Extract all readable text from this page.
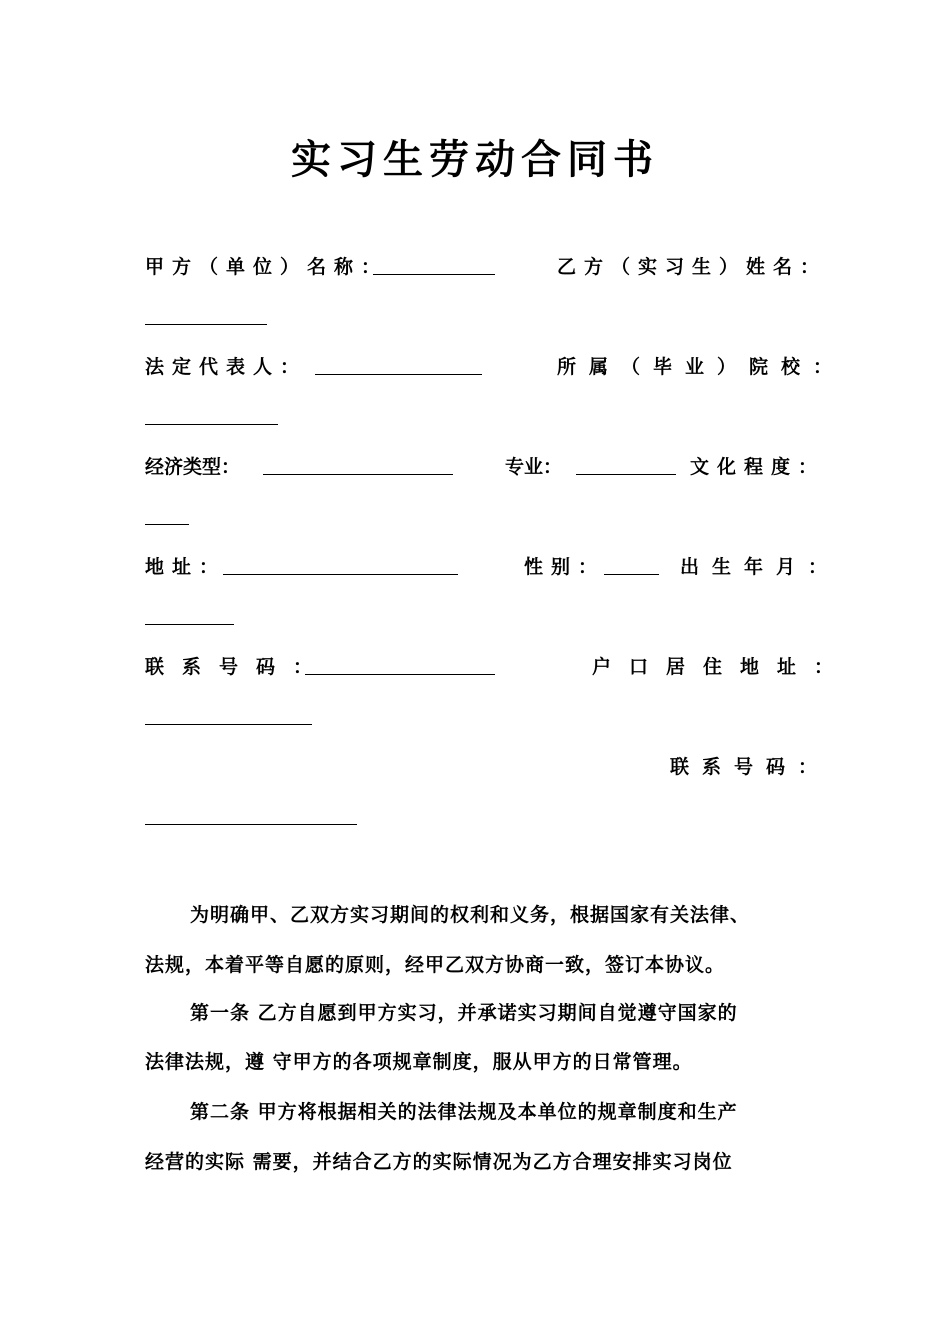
实习生劳动合同书
甲方（单位）名称：	乙方（实习生）姓名：
法定代表人：	所属（毕业）院校：
经济类型：	专业：	文化程度：
地址：	性别：	出生年月：
联系号码：	户口居住地址：
联系号码：
为明确甲、乙双方实习期间的权利和义务，根据国家有关法律、
法规，本着平等自愿的原则，经甲乙双方协商一致，签订本协议。
第一条 乙方自愿到甲方实习，并承诺实习期间自觉遵守国家的
法律法规，遵 守甲方的各项规章制度，服从甲方的日常管理。
第二条 甲方将根据相关的法律法规及本单位的规章制度和生产
经营的实际 需要，并结合乙方的实际情况为乙方合理安排实习岗位
